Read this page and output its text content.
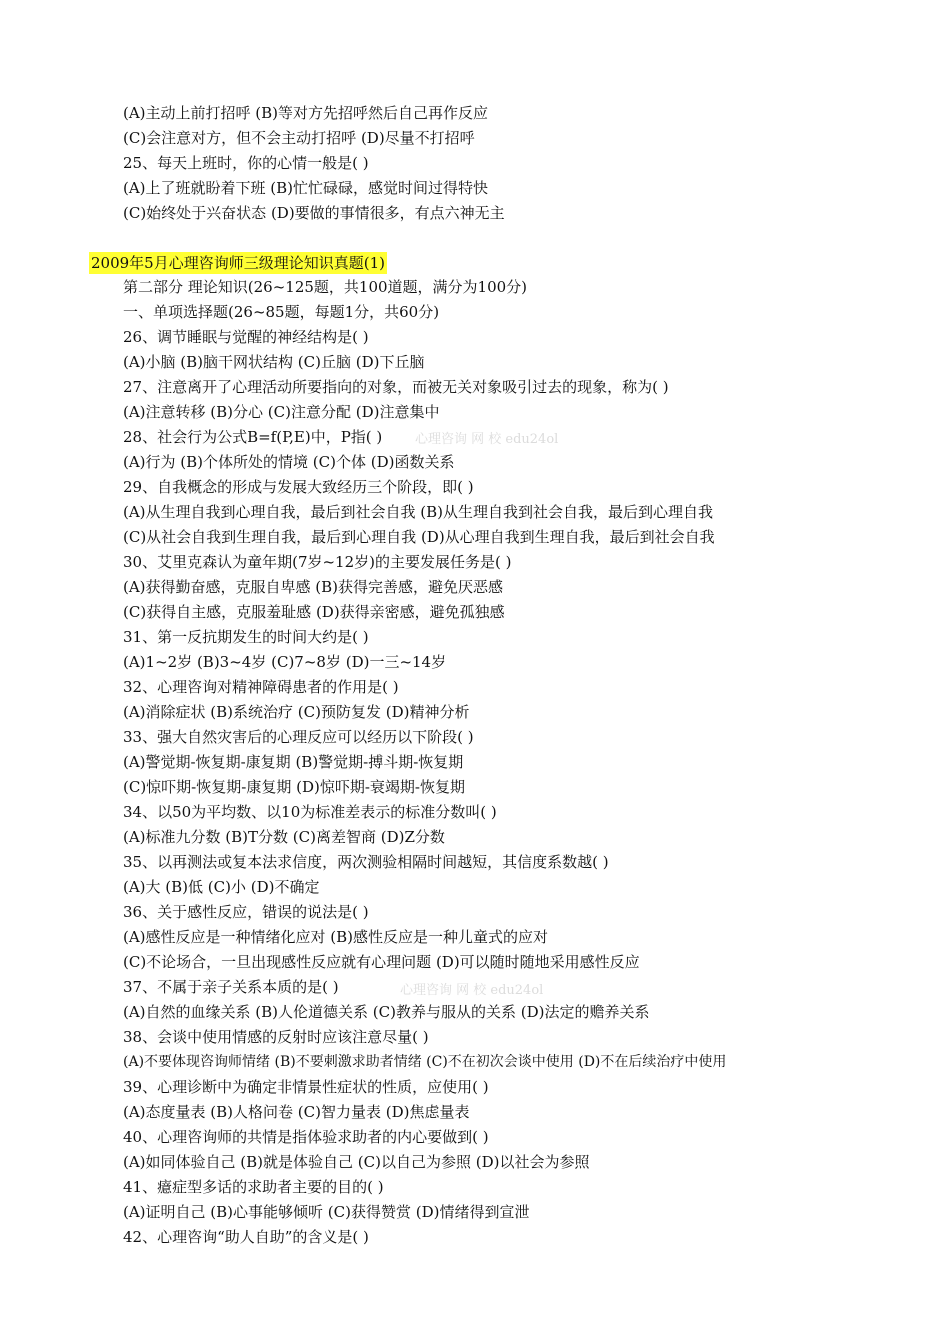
(A)主动上前打招呼 (B)等对方先招呼然后自己再作反应
(C)会注意对方，但不会主动打招呼 (D)尽量不打招呼
25、每天上班时，你的心情一般是( )
(A)上了班就盼着下班 (B)忙忙碌碌，感觉时间过得特快
(C)始终处于兴奋状态 (D)要做的事情很多，有点六神无主
2009年5月心理咨询师三级理论知识真题(1)
第二部分 理论知识(26~125题，共100道题，满分为100分)
一、单项选择题(26~85题，每题1分，共60分)
26、调节睡眠与觉醒的神经结构是( )
(A)小脑 (B)脑干网状结构 (C)丘脑 (D)下丘脑
27、注意离开了心理活动所要指向的对象，而被无关对象吸引过去的现象，称为( )
(A)注意转移 (B)分心 (C)注意分配 (D)注意集中
28、社会行为公式B=f(P,E)中，P指( )
(A)行为 (B)个体所处的情境 (C)个体 (D)函数关系
29、自我概念的形成与发展大致经历三个阶段，即( )
(A)从生理自我到心理自我，最后到社会自我 (B)从生理自我到社会自我，最后到心理自我
(C)从社会自我到生理自我，最后到心理自我 (D)从心理自我到生理自我，最后到社会自我
30、艾里克森认为童年期(7岁~12岁)的主要发展任务是( )
(A)获得勤奋感，克服自卑感 (B)获得完善感，避免厌恶感
(C)获得自主感，克服羞耻感 (D)获得亲密感，避免孤独感
31、第一反抗期发生的时间大约是( )
(A)1~2岁 (B)3~4岁 (C)7~8岁 (D)一三~14岁
32、心理咨询对精神障碍患者的作用是( )
(A)消除症状 (B)系统治疗 (C)预防复发 (D)精神分析
33、强大自然灾害后的心理反应可以经历以下阶段( )
(A)警觉期-恢复期-康复期 (B)警觉期-搏斗期-恢复期
(C)惊吓期-恢复期-康复期 (D)惊吓期-衰竭期-恢复期
34、以50为平均数、以10为标准差表示的标准分数叫( )
(A)标准九分数 (B)T分数 (C)离差智商 (D)Z分数
35、以再测法或复本法求信度，两次测验相隔时间越短，其信度系数越( )
(A)大 (B)低 (C)小 (D)不确定
36、关于感性反应，错误的说法是( )
(A)感性反应是一种情绪化应对 (B)感性反应是一种儿童式的应对
(C)不论场合，一旦出现感性反应就有心理问题 (D)可以随时随地采用感性反应
37、不属于亲子关系本质的是( )
(A)自然的血缘关系 (B)人伦道德关系 (C)教养与服从的关系 (D)法定的赡养关系
38、会谈中使用情感的反射时应该注意尽量( )
(A)不要体现咨询师情绪 (B)不要刺激求助者情绪 (C)不在初次会谈中使用 (D)不在后续治疗中使用
39、心理诊断中为确定非情景性症状的性质，应使用( )
(A)态度量表 (B)人格问卷 (C)智力量表 (D)焦虑量表
40、心理咨询师的共情是指体验求助者的内心要做到( )
(A)如同体验自己 (B)就是体验自己 (C)以自己为参照 (D)以社会为参照
41、癔症型多话的求助者主要的目的( )
(A)证明自己 (B)心事能够倾听 (C)获得赞赏 (D)情绪得到宣泄
42、心理咨询“助人自助”的含义是( )
心理咨询 网 校 edu24ol
心理咨询 网 校 edu24ol
